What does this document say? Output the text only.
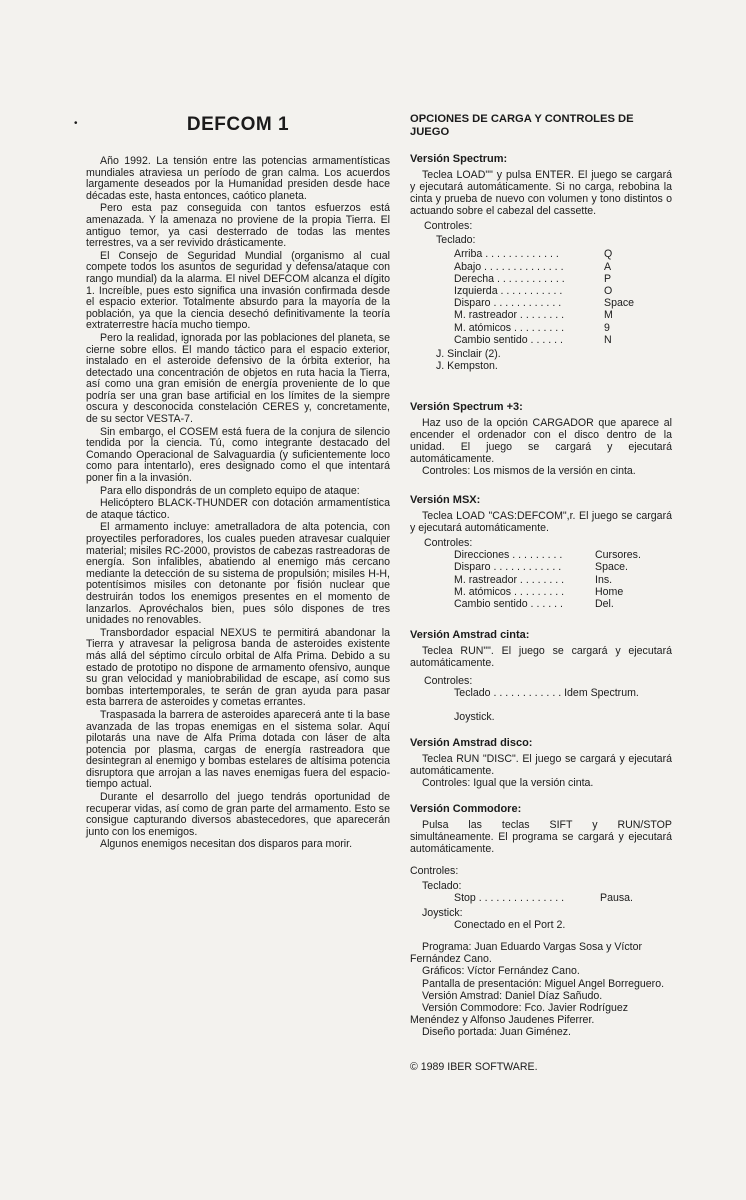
•	DEFCOM 1

Año 1992. La tensión entre las potencias armamentísticas mundiales atraviesa un período de gran calma. Los acuerdos largamente deseados por la Humanidad presiden desde hace décadas este, hasta entonces, caótico planeta.

Pero esta paz conseguida con tantos esfuerzos está amenazada. Y la amenaza no proviene de la propia Tierra. El antiguo temor, ya casi desterrado de todas las mentes terrestres, va a ser revivido drásticamente.

El Consejo de Seguridad Mundial (organismo al cual compete todos los asuntos de seguridad y defensa/ataque con rango mundial) da la alarma. El nivel DEFCOM alcanza el dígito 1. Increíble, pues esto significa una invasión confirmada desde el espacio exterior. Totalmente absurdo para la mayoría de la población, ya que la ciencia desechó definitivamente la teoría extraterrestre hacía mucho tiempo.

Pero la realidad, ignorada por las poblaciones del planeta, se cierne sobre ellos. El mando táctico para el espacio exterior, instalado en el asteroide defensivo de la órbita exterior, ha detectado una concentración de objetos en ruta hacia la Tierra, así como una gran emisión de energía proveniente de lo que podría ser una gran base artificial en los límites de la siempre oscura y desconocida constelación CERES y, concretamente, de su sector VESTA-7.

Sin embargo, el COSEM está fuera de la conjura de silencio tendida por la ciencia. Tú, como integrante destacado del Comando Operacional de Salvaguardia (y suficientemente loco como para intentarlo), eres designado como el que intentará poner fin a la invasión.

Para ello dispondrás de un completo equipo de ataque:

Helicóptero BLACK-THUNDER con dotación armamentística de ataque táctico.

El armamento incluye: ametralladora de alta potencia, con proyectiles perforadores, los cuales pueden atravesar cualquier material; misiles RC-2000, provistos de cabezas rastreadoras de energía. Son infalibles, abatiendo al enemigo más cercano mediante la detección de su sistema de propulsión; misiles H-H, potentísimos misiles con detonante por fisión nuclear que destruirán todos los enemigos presentes en el momento de lanzarlos. Aprovéchalos bien, pues sólo dispones de tres unidades no renovables.

Transbordador espacial NEXUS te permitirá abandonar la Tierra y atravesar la peligrosa banda de asteroides existente más allá del séptimo círculo orbital de Alfa Prima. Debido a su estado de prototipo no dispone de armamento ofensivo, aunque su gran velocidad y maniobrabilidad de escape, así como sus bombas intertemporales, te serán de gran ayuda para pasar esta barrera de asteroides y cometas errantes.

Traspasada la barrera de asteroides aparecerá ante ti la base avanzada de las tropas enemigas en el sistema solar. Aquí pilotarás una nave de Alfa Prima dotada con láser de alta potencia por plasma, cargas de energía rastreadora que desintegran al enemigo y bombas estelares de altísima potencia disruptora que arrojan a las naves enemigas fuera del espacio-tiempo actual.

Durante el desarrollo del juego tendrás oportunidad de recuperar vidas, así como de gran parte del armamento. Esto se consigue capturando diversos abastecedores, que aparecerán junto con los enemigos.

Algunos enemigos necesitan dos disparos para morir.

OPCIONES DE CARGA Y CONTROLES DE JUEGO
Versión Spectrum:

Teclea LOAD"" y pulsa ENTER. El juego se cargará y ejecutará automáticamente. Si no carga, rebobina la cinta y prueba de nuevo con volumen y tono distintos o actuando sobre el cabezal del cassette.

Controles:
Teclado:
Arriba . . . . . . . . . . . . .	Q
Abajo . . . . . . . . . . . . . .	A
Derecha . . . . . . . . . . . .	P
Izquierda . . . . . . . . . . .	O
Disparo . . . . . . . . . . . .	Space
M. rastreador . . . . . . . .	M
M. atómicos . . . . . . . . .	9
Cambio sentido . . . . . .	N
J. Sinclair (2).
J. Kempston.
Versión Spectrum +3:

Haz uso de la opción CARGADOR que aparece al encender el ordenador con el disco dentro de la unidad. El juego se cargará y ejecutará automáticamente.

Controles: Los mismos de la versión en cinta.

Versión MSX:

Teclea LOAD "CAS:DEFCOM",r. El juego se cargará y ejecutará automáticamente.

Controles:
Direcciones . . . . . . . . .	Cursores.
Disparo . . . . . . . . . . . .	Space.
M. rastreador . . . . . . . .	Ins.
M. atómicos . . . . . . . . .	Home
Cambio sentido . . . . . .	Del.
Versión Amstrad cinta:

Teclea RUN"". El juego se cargará y ejecutará automáticamente.

Controles:
Teclado . . . . . . . . . . . . Idem Spectrum.
Joystick.
Versión Amstrad disco:

Teclea RUN "DISC". El juego se cargará y ejecutará automáticamente.

Controles: Igual que la versión cinta.

Versión Commodore:

Pulsa las teclas SIFT y RUN/STOP simultáneamente. El programa se cargará y ejecutará automáticamente.

Controles:
Teclado:
Stop . . . . . . . . . . . . . . .	Pausa.
Joystick:
Conectado en el Port 2.

Programa: Juan Eduardo Vargas Sosa y Víctor Fernández Cano.

Gráficos: Víctor Fernández Cano.

Pantalla de presentación: Miguel Angel Borreguero.

Versión Amstrad: Daniel Díaz Sañudo.

Versión Commodore: Fco. Javier Rodríguez Menéndez y Alfonso Jaudenes Piferrer.

Diseño portada: Juan Giménez.

© 1989 IBER SOFTWARE.
